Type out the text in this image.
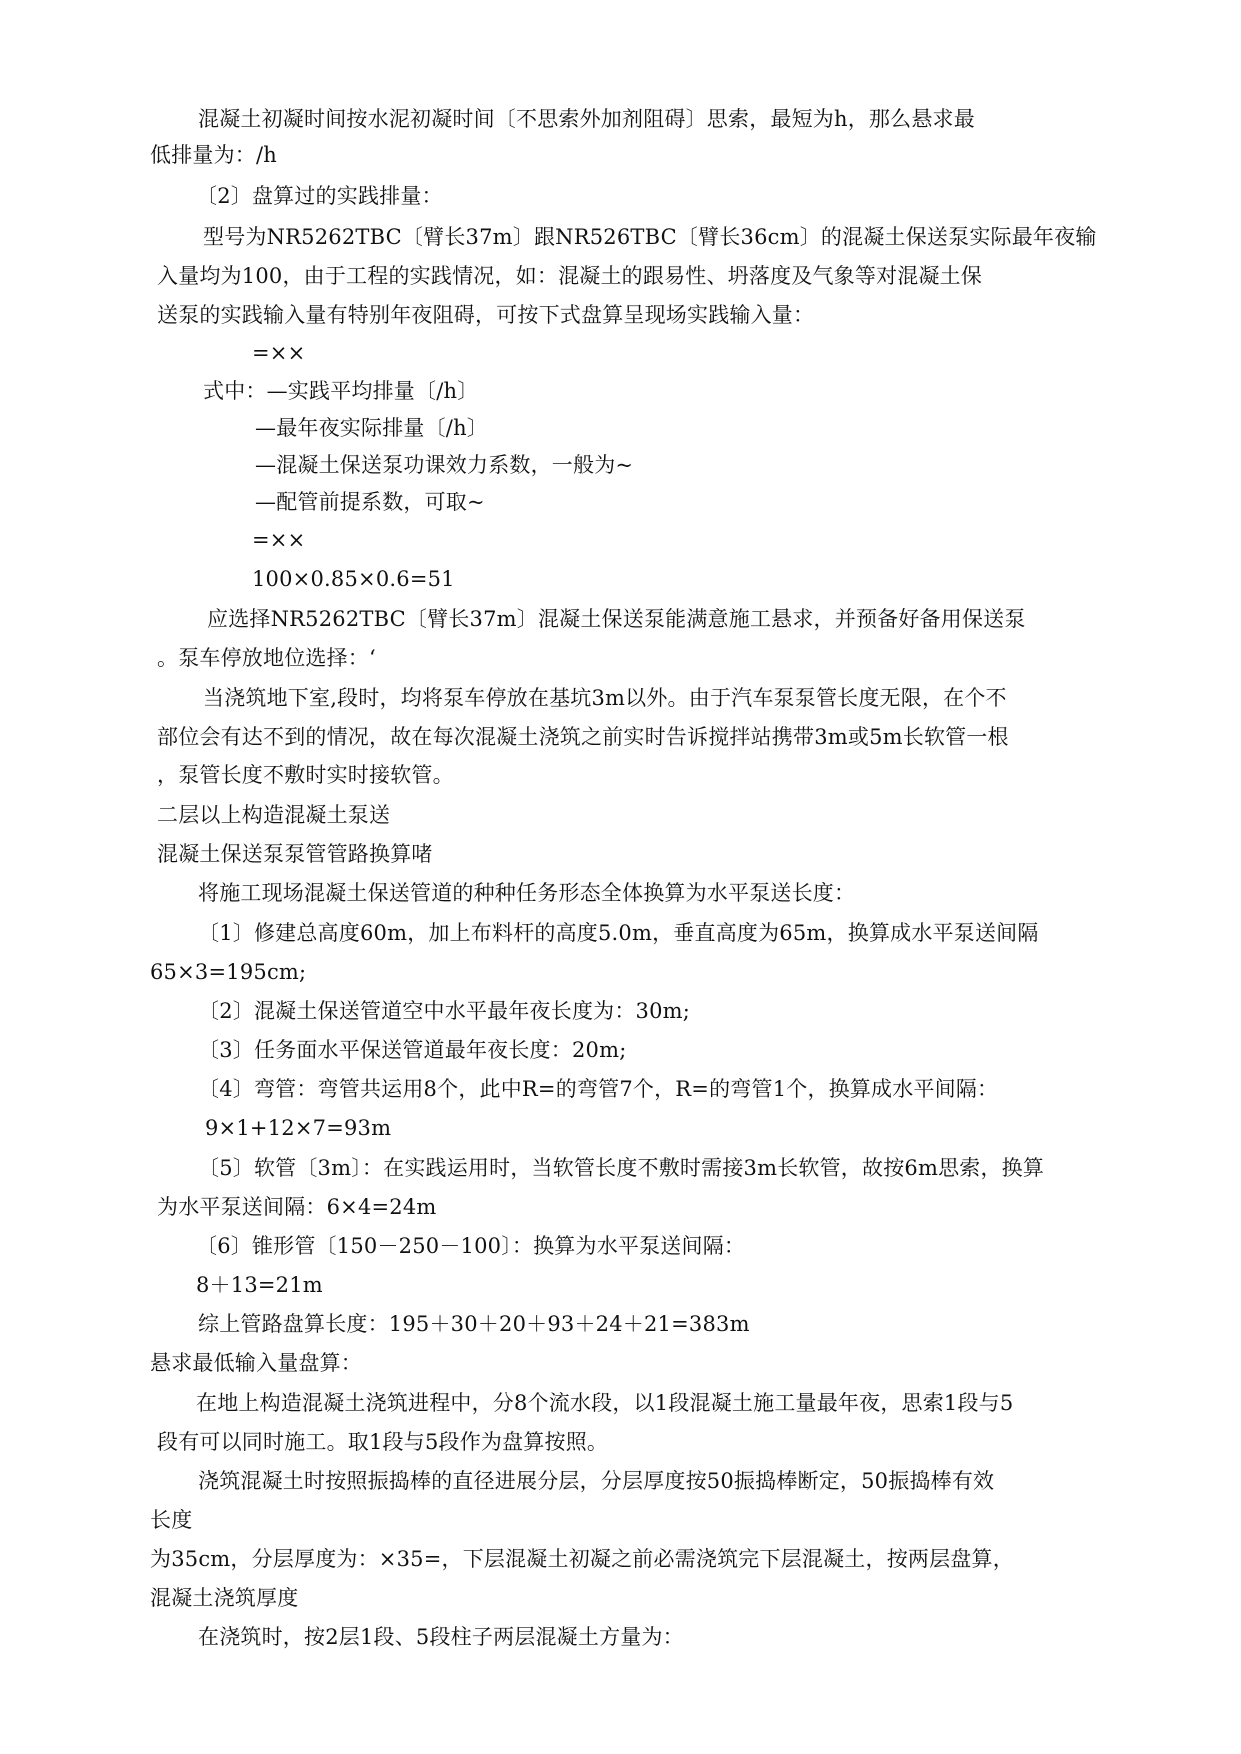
混凝土初凝时间按水泥初凝时间〔不思索外加剂阻碍〕思索，最短为h，那么悬求最
低排量为：/h
〔2〕盘算过的实践排量：
型号为NR5262TBC〔臂长37m〕跟NR526TBC〔臂长36cm〕的混凝土保送泵实际最年夜输
入量均为100，由于工程的实践情况，如：混凝土的跟易性、坍落度及气象等对混凝土保
送泵的实践输入量有特别年夜阻碍，可按下式盘算呈现场实践输入量：
=××
式中：—实践平均排量〔/h〕
—最年夜实际排量〔/h〕
—混凝土保送泵功课效力系数，一般为~
—配管前提系数，可取~
=××
100×0.85×0.6=51
应选择NR5262TBC〔臂长37m〕混凝土保送泵能满意施工悬求，并预备好备用保送泵
。泵车停放地位选择：‘
当浇筑地下室,段时，均将泵车停放在基坑3m以外。由于汽车泵泵管长度无限，在个不
部位会有达不到的情况，故在每次混凝土浇筑之前实时告诉搅拌站携带3m或5m长软管一根
，泵管长度不敷时实时接软管。
二层以上构造混凝土泵送
混凝土保送泵泵管管路换算啫
将施工现场混凝土保送管道的种种任务形态全体换算为水平泵送长度：
〔1〕修建总高度60m，加上布料杆的高度5.0m，垂直高度为65m，换算成水平泵送间隔
65×3=195cm;
〔2〕混凝土保送管道空中水平最年夜长度为：30m;
〔3〕任务面水平保送管道最年夜长度：20m;
〔4〕弯管：弯管共运用8个，此中R=的弯管7个，R=的弯管1个，换算成水平间隔：
9×1+12×7=93m
〔5〕软管〔3m〕：在实践运用时，当软管长度不敷时需接3m长软管，故按6m思索，换算
为水平泵送间隔：6×4=24m
〔6〕锥形管〔150－250－100〕：换算为水平泵送间隔：
8＋13=21m
综上管路盘算长度：195＋30＋20＋93＋24＋21=383m
悬求最低输入量盘算：
在地上构造混凝土浇筑进程中，分8个流水段，以1段混凝土施工量最年夜，思索1段与5
段有可以同时施工。取1段与5段作为盘算按照。
浇筑混凝土时按照振捣棒的直径进展分层，分层厚度按50振捣棒断定，50振捣棒有效
长度
为35cm，分层厚度为：×35=，下层混凝土初凝之前必需浇筑完下层混凝土，按两层盘算，
混凝土浇筑厚度
在浇筑时，按2层1段、5段柱子两层混凝土方量为：
